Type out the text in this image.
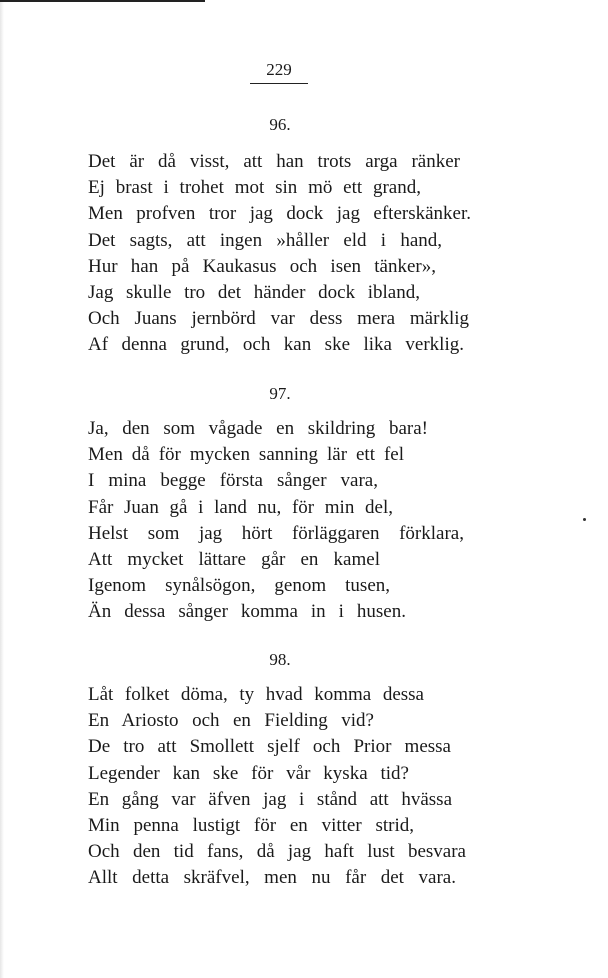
229
96.
Det är då visst, att han trots arga ränker
Ej brast i trohet mot sin mö ett grand,
Men profven tror jag dock jag efterskänker.
Det sagts, att ingen »håller eld i hand,
Hur han på Kaukasus och isen tänker»,
Jag skulle tro det händer dock ibland,
Och Juans jernbörd var dess mera märklig
Af denna grund, och kan ske lika verklig.
97.
Ja, den som vågade en skildring bara!
Men då för mycken sanning lär ett fel
I mina begge första sånger vara,
Får Juan gå i land nu, för min del,
Helst som jag hört förläggaren förklara,
Att mycket lättare går en kamel
Igenom synålsögon, genom tusen,
Än dessa sånger komma in i husen.
98.
Låt folket döma, ty hvad komma dessa
En Ariosto och en Fielding vid?
De tro att Smollett sjelf och Prior messa
Legender kan ske för vår kyska tid?
En gång var äfven jag i stånd att hvässa
Min penna lustigt för en vitter strid,
Och den tid fans, då jag haft lust besvara
Allt detta skräfvel, men nu får det vara.
